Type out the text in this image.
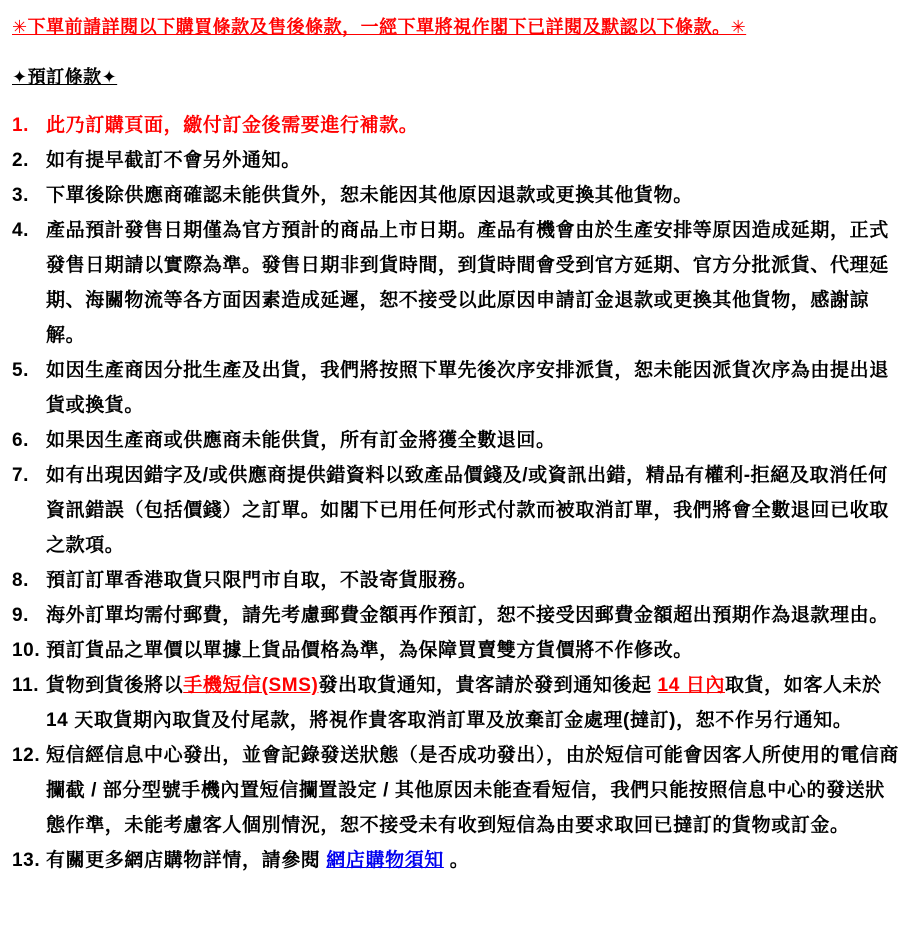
✳下單前請詳閱以下購買條款及售後條款，一經下單將視作閣下已詳閱及默認以下條款。✳
✦預訂條款✦
1. 此乃訂購頁面，繳付訂金後需要進行補款。
2. 如有提早截訂不會另外通知。
3. 下單後除供應商確認未能供貨外，恕未能因其他原因退款或更換其他貨物。
4. 產品預計發售日期僅為官方預計的商品上市日期。產品有機會由於生產安排等原因造成延期，正式發售日期請以實際為準。發售日期非到貨時間，到貨時間會受到官方延期、官方分批派貨、代理延期、海關物流等各方面因素造成延遲，恕不接受以此原因申請訂金退款或更換其他貨物，感謝諒解。
5. 如因生產商因分批生產及出貨，我們將按照下單先後次序安排派貨，恕未能因派貨次序為由提出退貨或換貨。
6. 如果因生產商或供應商未能供貨，所有訂金將獲全數退回。
7. 如有出現因錯字及/或供應商提供錯資料以致產品價錢及/或資訊出錯，精品有權利-拒絕及取消任何資訊錯誤（包括價錢）之訂單。如閣下已用任何形式付款而被取消訂單，我們將會全數退回已收取之款項。
8. 預訂訂單香港取貨只限門市自取，不設寄貨服務。
9. 海外訂單均需付郵費，請先考慮郵費金額再作預訂，恕不接受因郵費金額超出預期作為退款理由。
10. 預訂貨品之單價以單據上貨品價格為準，為保障買賣雙方貨價將不作修改。
11. 貨物到貨後將以手機短信(SMS)發出取貨通知，貴客請於發到通知後起 14 日內取貨，如客人未於 14 天取貨期內取貨及付尾款，將視作貴客取消訂單及放棄訂金處理(撻訂)，恕不作另行通知。
12. 短信經信息中心發出，並會記錄發送狀態（是否成功發出），由於短信可能會因客人所使用的電信商攔截 / 部分型號手機內置短信攔置設定 / 其他原因未能查看短信，我們只能按照信息中心的發送狀態作準，未能考慮客人個別情況，恕不接受未有收到短信為由要求取回已撻訂的貨物或訂金。
13. 有關更多網店購物詳情，請參閱 網店購物須知 。
